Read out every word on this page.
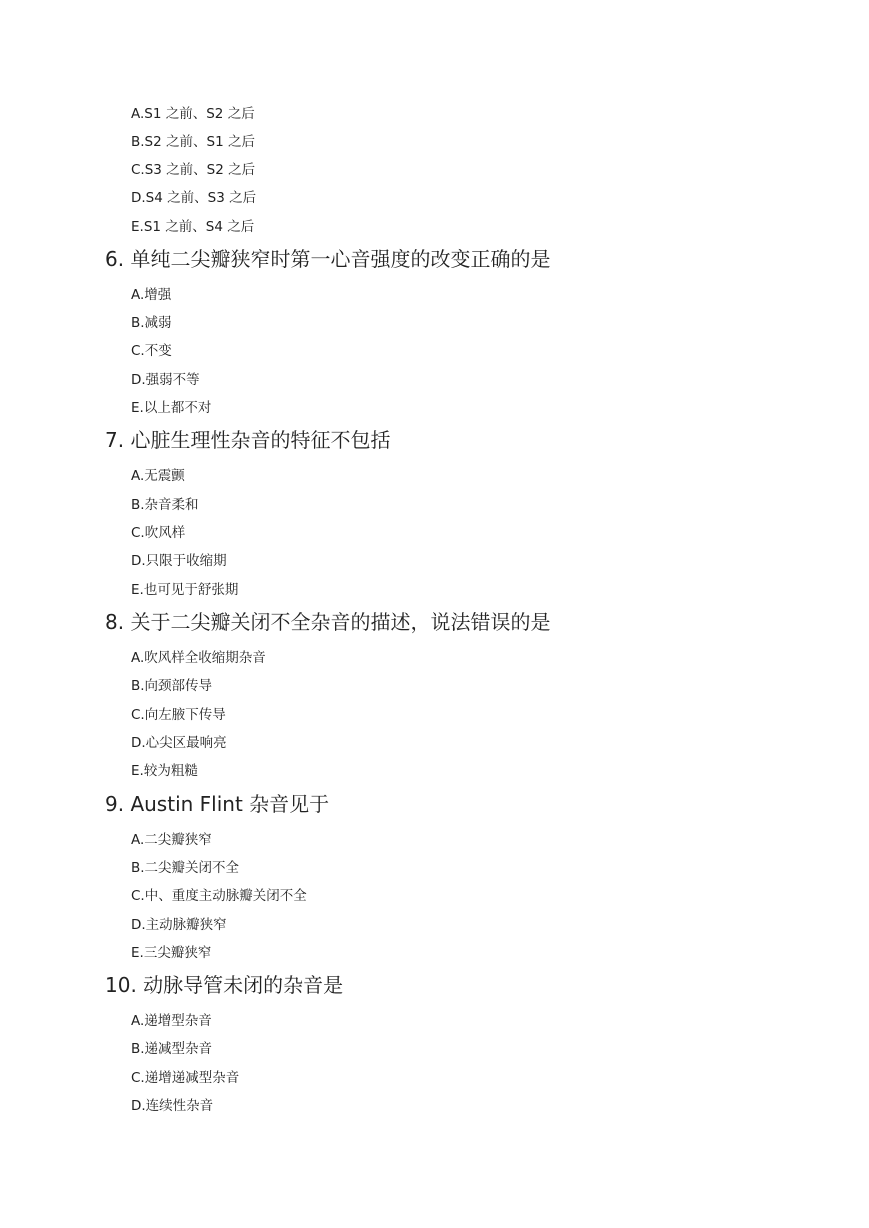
A.S1 之前、S2 之后
B.S2 之前、S1 之后
C.S3 之前、S2 之后
D.S4 之前、S3 之后
E.S1 之前、S4 之后
6. 单纯二尖瓣狭窄时第一心音强度的改变正确的是
A.增强
B.减弱
C.不变
D.强弱不等
E.以上都不对
7. 心脏生理性杂音的特征不包括
A.无震颤
B.杂音柔和
C.吹风样
D.只限于收缩期
E.也可见于舒张期
8. 关于二尖瓣关闭不全杂音的描述，说法错误的是
A.吹风样全收缩期杂音
B.向颈部传导
C.向左腋下传导
D.心尖区最响亮
E.较为粗糙
9. Austin Flint 杂音见于
A.二尖瓣狭窄
B.二尖瓣关闭不全
C.中、重度主动脉瓣关闭不全
D.主动脉瓣狭窄
E.三尖瓣狭窄
10. 动脉导管未闭的杂音是
A.递增型杂音
B.递减型杂音
C.递增递减型杂音
D.连续性杂音
